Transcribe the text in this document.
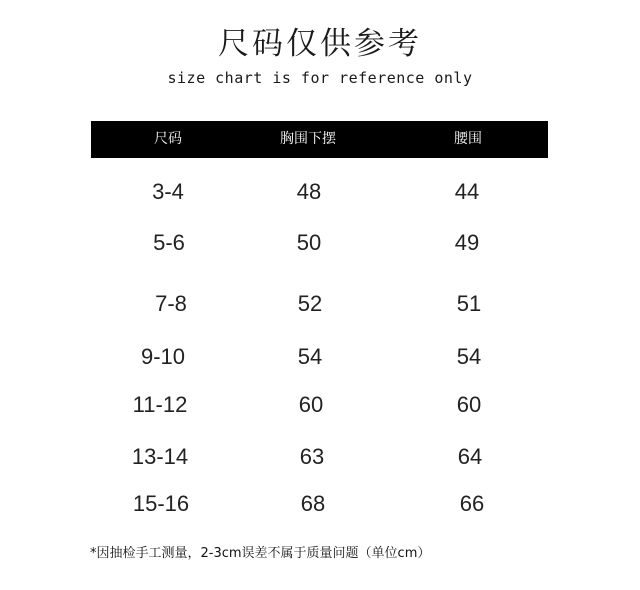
尺码仅供参考
size chart is for reference only
尺码	胸围下摆	腰围
3-4	48	44
5-6	50	49
7-8	52	51
9-10	54	54
11-12	60	60
13-14	63	64
15-16	68	66
*因抽检手工测量，2-3cm误差不属于质量问题（单位cm）
